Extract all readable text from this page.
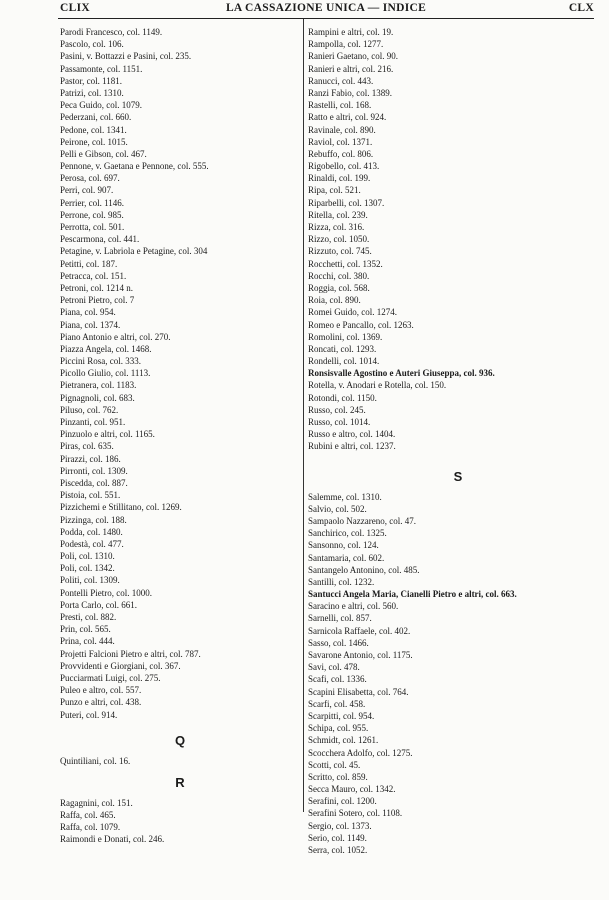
CLIX	LA CASSAZIONE UNICA — INDICE	CLX
Parodi Francesco, col. 1149.
Pascolo, col. 106.
Pasini, v. Bottazzi e Pasini, col. 235.
Passamonte, col. 1151.
Pastor, col. 1181.
Patrizi, col. 1310.
Peca Guido, col. 1079.
Pederzani, col. 660.
Pedone, col. 1341.
Peirone, col. 1015.
Pelli e Gibson, col. 467.
Pennone, v. Gaetana e Pennone, col. 555.
Perosa, col. 697.
Perri, col. 907.
Perrier, col. 1146.
Perrone, col. 985.
Perrotta, col. 501.
Pescarmona, col. 441.
Petagine, v. Labriola e Petagine, col. 304
Petitti, col. 187.
Petracca, col. 151.
Petroni, col. 1214 n.
Petroni Pietro, col. 7
Piana, col. 954.
Piana, col. 1374.
Piano Antonio e altri, col. 270.
Piazza Angela, col. 1468.
Piccini Rosa, col. 333.
Picollo Giulio, col. 1113.
Pietranera, col. 1183.
Pignagnoli, col. 683.
Piluso, col. 762.
Pinzanti, col. 951.
Pinzuolo e altri, col. 1165.
Piras, col. 635.
Pirazzi, col. 186.
Pirronti, col. 1309.
Piscedda, col. 887.
Pistoia, col. 551.
Pizzichemi e Stillitano, col. 1269.
Pizzinga, col. 188.
Podda, col. 1480.
Podestà, col. 477.
Poli, col. 1310.
Poli, col. 1342.
Politi, col. 1309.
Pontelli Pietro, col. 1000.
Porta Carlo, col. 661.
Presti, col. 882.
Prin, col. 565.
Prina, col. 444.
Projetti Falcioni Pietro e altri, col. 787.
Provvidenti e Giorgiani, col. 367.
Pucciarmati Luigi, col. 275.
Puleo e altro, col. 557.
Punzo e altri, col. 438.
Puteri, col. 914.
Q
Quintiliani, col. 16.
R
Ragagnini, col. 151.
Raffa, col. 465.
Raffa, col. 1079.
Raimondi e Donati, col. 246.
Rampini e altri, col. 19.
Rampolla, col. 1277.
Ranieri Gaetano, col. 90.
Ranieri e altri, col. 216.
Ranucci, col. 443.
Ranzi Fabio, col. 1389.
Rastelli, col. 168.
Ratto e altri, col. 924.
Ravinale, col. 890.
Raviol, col. 1371.
Rebuffo, col. 806.
Rigobello, col. 413.
Rinaldi, col. 199.
Ripa, col. 521.
Riparbelli, col. 1307.
Ritella, col. 239.
Rizza, col. 316.
Rizzo, col. 1050.
Rizzuto, col. 745.
Rocchetti, col. 1352.
Rocchi, col. 380.
Roggia, col. 568.
Roia, col. 890.
Romei Guido, col. 1274.
Romeo e Pancallo, col. 1263.
Romolini, col. 1369.
Roncati, col. 1293.
Rondelli, col. 1014.
Ronsisvalle Agostino e Auteri Giuseppa, col. 936.
Rotella, v. Anodari e Rotella, col. 150.
Rotondi, col. 1150.
Russo, col. 245.
Russo, col. 1014.
Russo e altro, col. 1404.
Rubini e altri, col. 1237.
S
Salemme, col. 1310.
Salvio, col. 502.
Sampaolo Nazzareno, col. 47.
Sanchirico, col. 1325.
Sansonno, col. 124.
Santamaria, col. 602.
Santangelo Antonino, col. 485.
Santilli, col. 1232.
Santucci Angela Maria, Cianelli Pietro e altri, col. 663.
Saracino e altri, col. 560.
Sarnelli, col. 857.
Sarnicola Raffaele, col. 402.
Sasso, col. 1466.
Savarone Antonio, col. 1175.
Savi, col. 478.
Scafi, col. 1336.
Scapini Elisabetta, col. 764.
Scarfi, col. 458.
Scarpitti, col. 954.
Schipa, col. 955.
Schmidt, col. 1261.
Scocchera Adolfo, col. 1275.
Scotti, col. 45.
Scritto, col. 859.
Secca Mauro, col. 1342.
Serafini, col. 1200.
Serafini Sotero, col. 1108.
Sergio, col. 1373.
Serio, col. 1149.
Serra, col. 1052.
